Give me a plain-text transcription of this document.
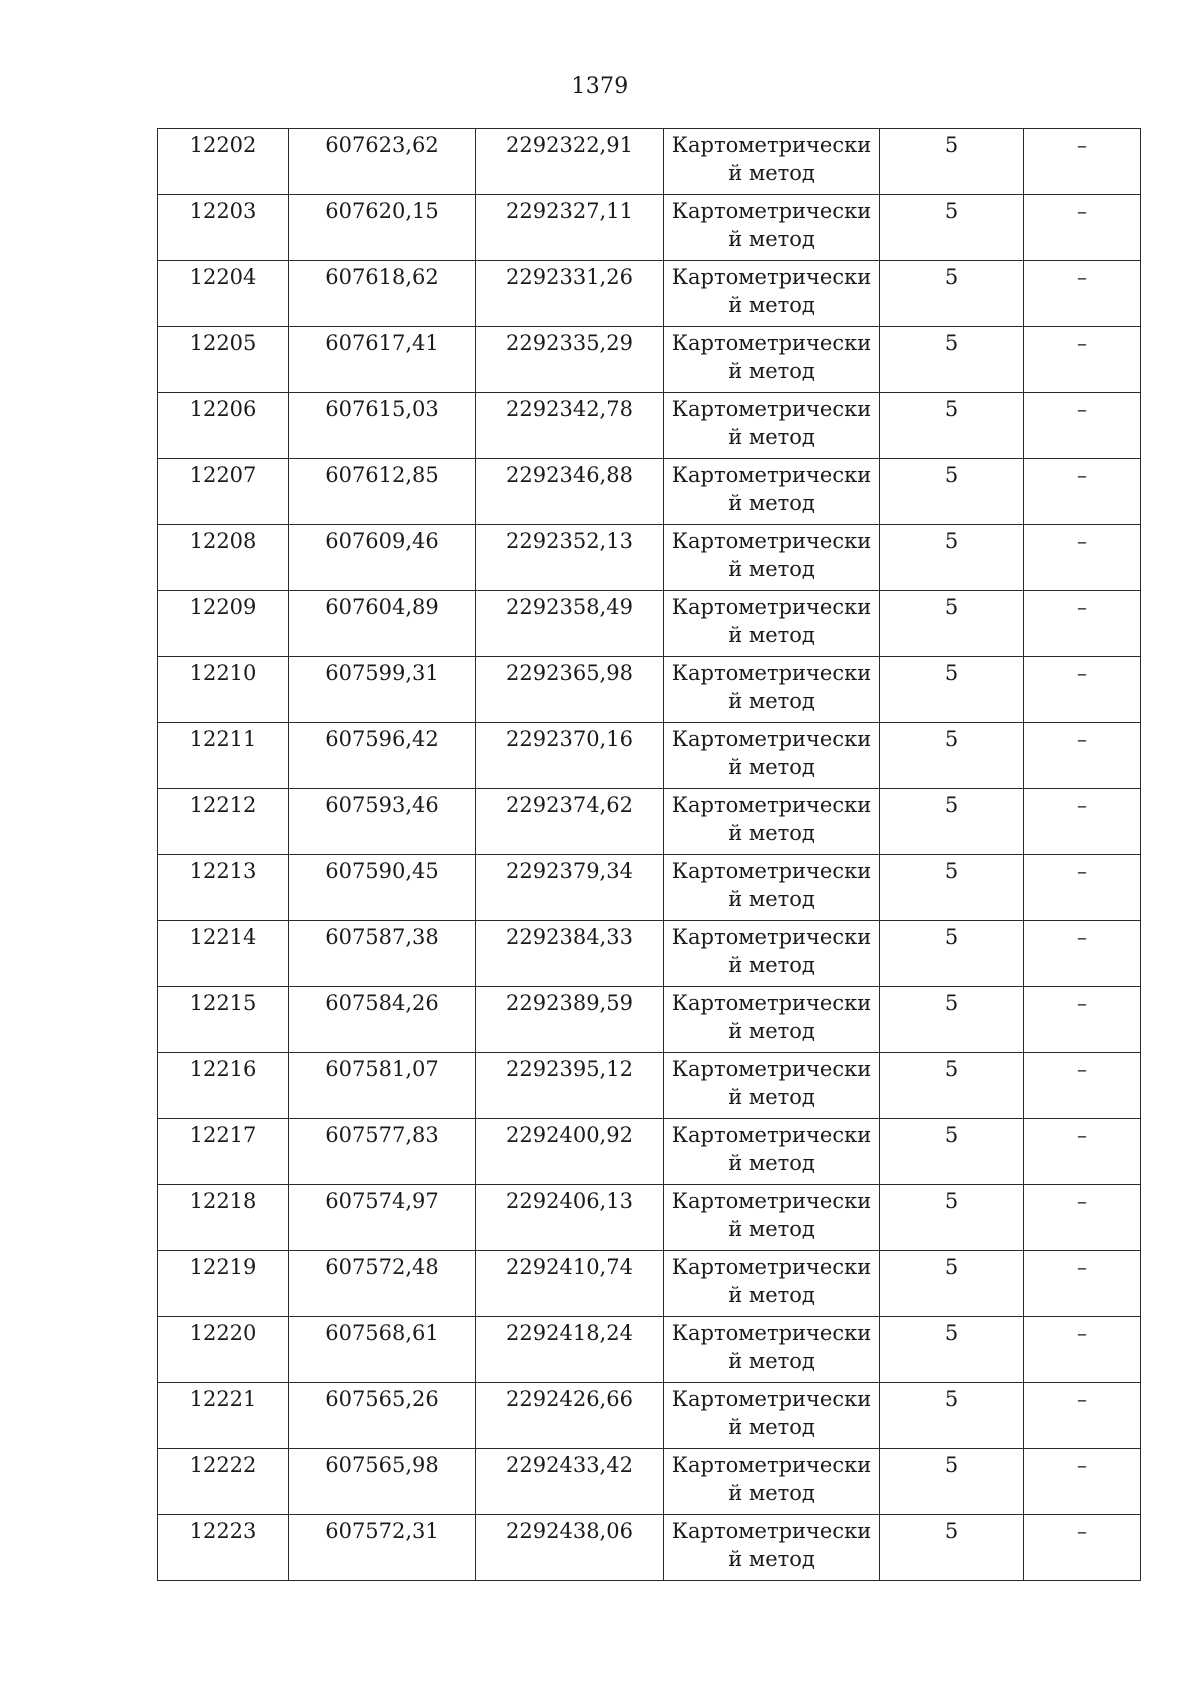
1379
12202	607623,62	2292322,91	Картометрически й метод	5	–
12203	607620,15	2292327,11	Картометрически й метод	5	–
12204	607618,62	2292331,26	Картометрически й метод	5	–
12205	607617,41	2292335,29	Картометрически й метод	5	–
12206	607615,03	2292342,78	Картометрически й метод	5	–
12207	607612,85	2292346,88	Картометрически й метод	5	–
12208	607609,46	2292352,13	Картометрически й метод	5	–
12209	607604,89	2292358,49	Картометрически й метод	5	–
12210	607599,31	2292365,98	Картометрически й метод	5	–
12211	607596,42	2292370,16	Картометрически й метод	5	–
12212	607593,46	2292374,62	Картометрически й метод	5	–
12213	607590,45	2292379,34	Картометрически й метод	5	–
12214	607587,38	2292384,33	Картометрически й метод	5	–
12215	607584,26	2292389,59	Картометрически й метод	5	–
12216	607581,07	2292395,12	Картометрически й метод	5	–
12217	607577,83	2292400,92	Картометрически й метод	5	–
12218	607574,97	2292406,13	Картометрически й метод	5	–
12219	607572,48	2292410,74	Картометрически й метод	5	–
12220	607568,61	2292418,24	Картометрически й метод	5	–
12221	607565,26	2292426,66	Картометрически й метод	5	–
12222	607565,98	2292433,42	Картометрически й метод	5	–
12223	607572,31	2292438,06	Картометрически й метод	5	–
